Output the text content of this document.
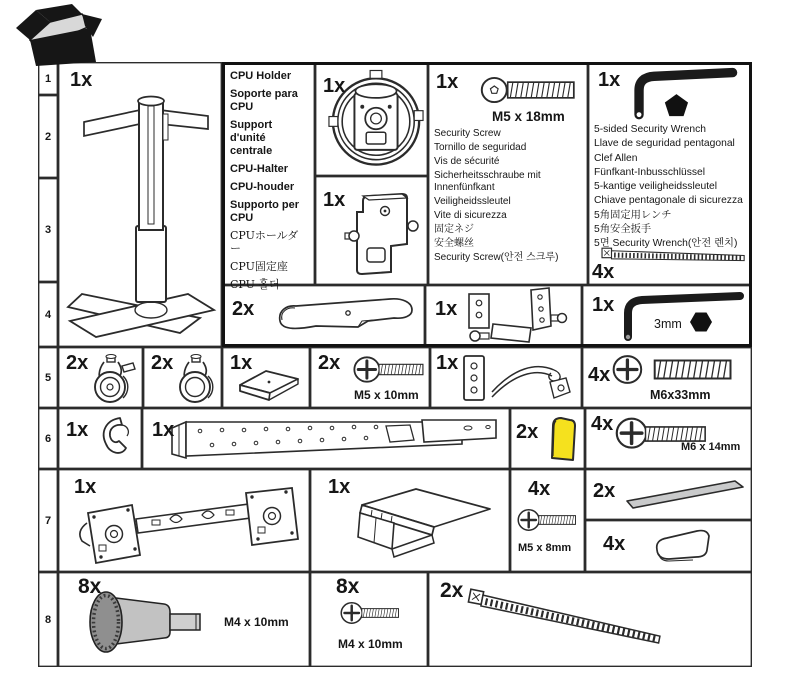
1
2
3
4
5
6
7
8
1x	CPU Holder
Soporte para CPU
Support d'unité centrale
CPU-Halter
CPU-houder
Supporto per CPU
CPUホールダー
CPU固定座
CPU 홀더
1x
1x
1x
M5 x 18mm
Security Screw
Tornillo de seguridad
Vis de sécurité
Sicherheitsschraube mit Innenfünfkant
Veiligheidssleutel
Vite di sicurezza
固定ネジ
安全螺丝
Security Screw(안전 스크루)
1x
5-sided Security Wrench
Llave de seguridad pentagonal
Clef Allen
Fünfkant-Inbusschlüssel
5-kantige veiligheidssleutel
Chiave pentagonale di sicurezza
5角固定用レンチ
5角安全扳手
5면 Security Wrench(안전 렌치)
4x
2x	1x	1x
3mm
2x	2x	1x	2x
M5 x 10mm
1x
4x
M6x33mm
1x	1x	2x	4x
M6 x 14mm
1x	1x	4x
M5 x 8mm
2x
4x
8x
M4 x 10mm
8x
M4 x 10mm
2x
